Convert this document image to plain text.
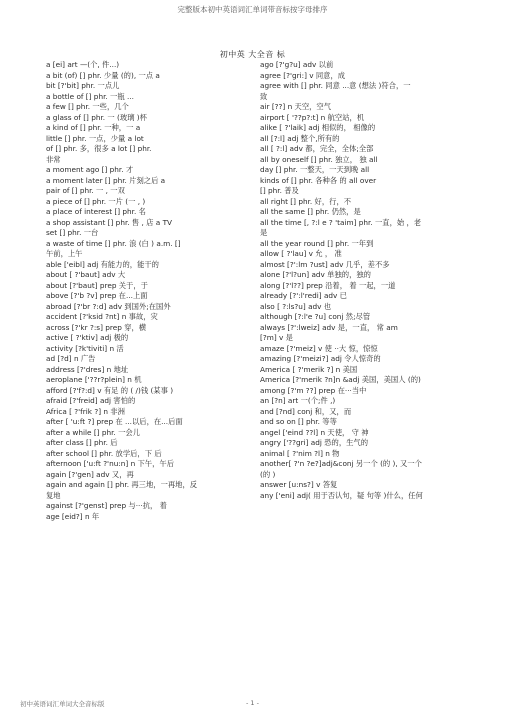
完整版本初中英语词汇单词带音标按字母排序
初中英 大全音 标
a [ei] art —(个, 件...)
a bit (of) [] phr. 少量 (的), 一点 a
bit [?'bit] phr. 一点儿
a bottle of [] phr. 一瓶 ...
a few [] phr. 一些，几个
a glass of [] phr. 一 (玻璃 )杯
a kind of [] phr. 一种，一 a
little [] phr. 一点，少量 a lot
of [] phr. 多，很多 a lot [] phr.
非常
a moment ago [] phr. 才
a moment later [] phr. 片刻之后 a
pair of [] phr. 一 , 一双
a piece of [] phr. 一片 (一 , )
a place of interest [] phr. 名
a shop assistant [] phr. 售 , 店 a TV
set [] phr. 一台
a waste of time [] phr. 浪 (白 ) a.m. []
午前，上午
able ['eibl] adj 有能力的，能干的
about [ ?'baut] adv 大
about [?'baut] prep 关于，于
above [?'b ?v] prep 在...上面
abroad [?'br ?:d] adv 到国外;在国外
accident [?'ksid ?nt] n 事故，灾
across [?'kr ?:s] prep 穿，横
active [ ?'ktiv] adj 极的
activity [?k'tiviti] n 活
ad [?d] n 广告
address [?'dres] n 地址
aeroplane ['??r?plein] n 机
afford [?'f?:d] v 有足 的 ( /)钱 (某事 )
afraid [?'freid] adj 害怕的
Africa [ ?'frik ?] n 非洲
after [ 'u:ft ?] prep 在 ...以后，在...后面
after a while [] phr. 一会儿
after class [] phr. 后
after school [] phr. 放学后，下 后
afternoon ['u:ft ?'nu:n] n 下午，午后
again [?'gen] adv 又，再
again and again [] phr. 再三地，一再地，反
复地
against [?'genst] prep 与···抗， 着
age [eid?] n 年
ago [?'g?u] adv 以前
agree [?'gri:] v 同意，成
agree with [] phr. 同意 ...意 (想法 )符合，一
致
air [??] n 天空，空气
airport [ '??p?:t] n 航空站，机
alike [ ?'laik] adj 相似的， 相像的
all [?:l] adj 整个,所有的
all [ ?:l] adv 都，完全，全体;全部
all by oneself [] phr. 独立， 独 all
day [] phr. 一整天，一天到晚 all
kinds of [] phr. 各种各 的 all over
[] phr. 普及
all right [] phr. 好，行，不
all the same [] phr. 仍然，是
all the time [, ?:l e ? 'taim] phr. 一直，始 ，老
是
all the year round [] phr. 一年到
allow [ ?'lau] v 允 ， 准
almost [?':lm ?ust] adv 几乎，差不多
alone [?'l?un] adv 单独的，独的
along [?'l??] prep 沿着， 着 一起，一道
already [?':l'redi] adv 已
also [ ?:ls?u] adv 也
although [?:l'e ?u] conj 然;尽管
always [?':lweiz] adv 是，一直， 常 am
[?m] v 是
amaze [?'meiz] v 使 ··大 惊，惊惊
amazing [?'meizi?] adj 令人惊奇的
America [ ?'merik ?] n 美国
America [?'merik ?n]n &adj 美国，美国人 (的)
among [?'m ??] prep 在···当中
an [?n] art 一(个;件 ,)
and [?nd] conj 和，又，而
and so on [] phr. 等等
angel ['eind ??l] n 天使， 守 神
angry ['??gri] adj 恐的，生气的
animal [ ?'nim ?l] n 物
another[ ?'n ?e?]adj&conj 另一个 (的 ), 又一个
(的 )
answer [u:ns?] v 答复
any ['eni] adj( 用于否认句，疑 句等 )什么，任何
- 1 -
初中英语词汇单词大全音标版
